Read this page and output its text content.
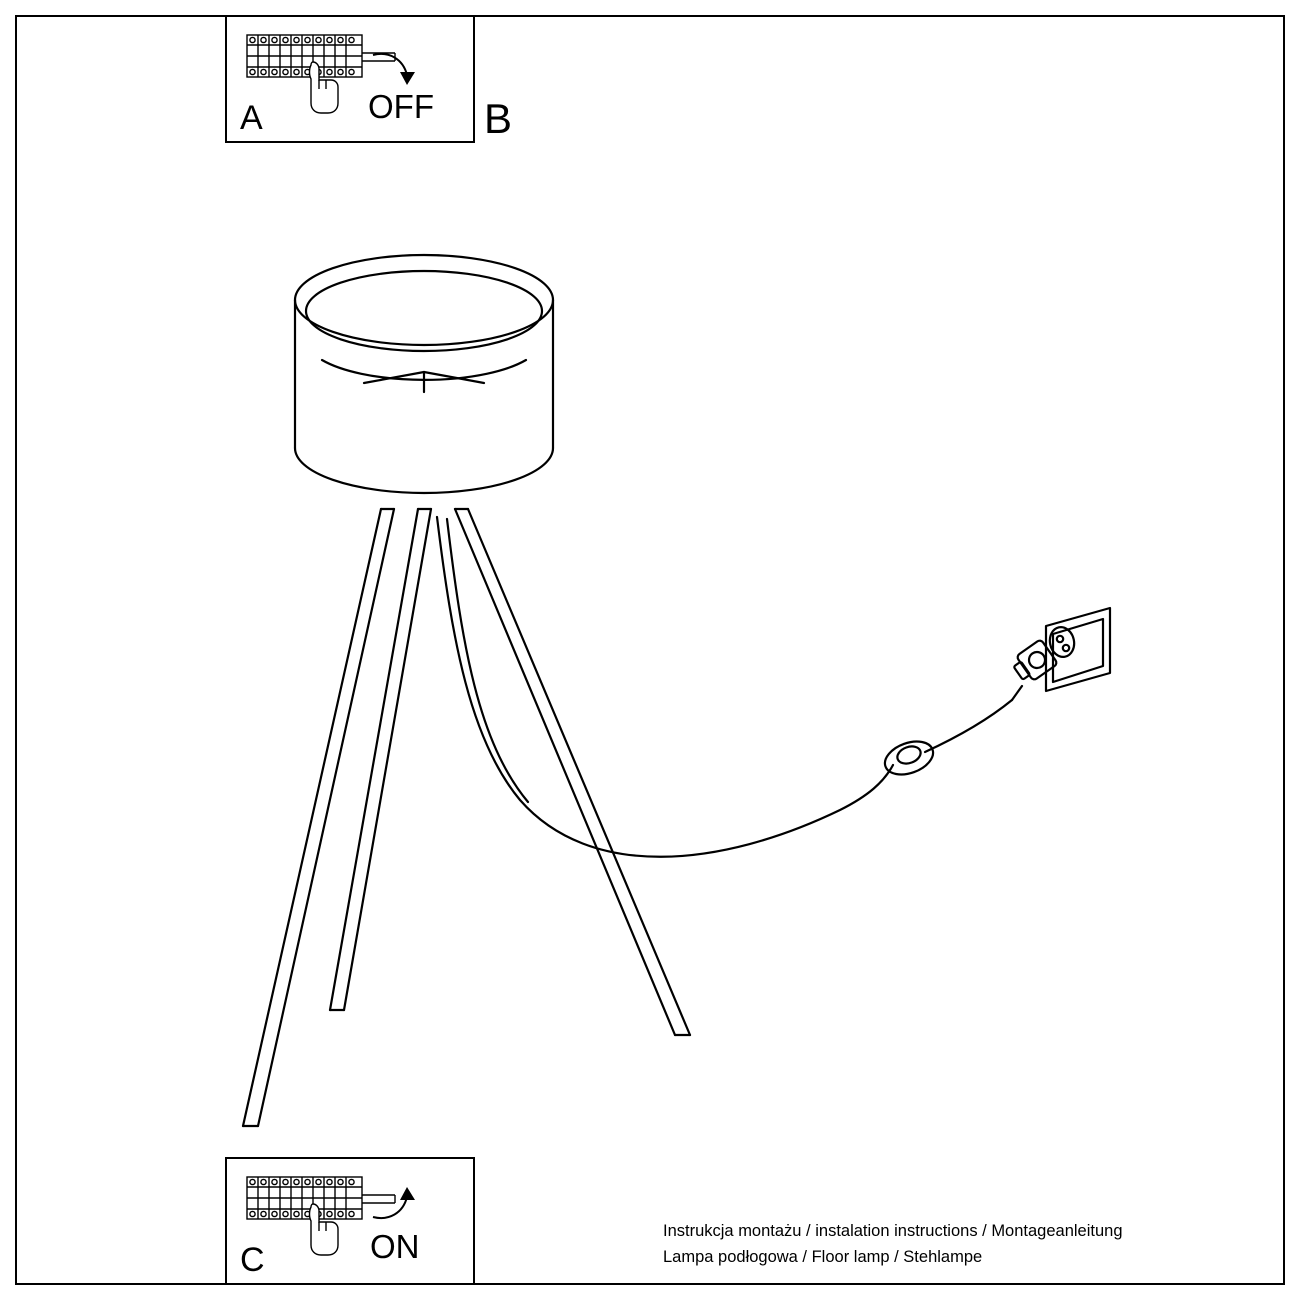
A	OFF B
C	ON	Instrukcja montażu / instalation instructions / Montageanleitung
Lampa podłogowa / Floor lamp / Stehlampe
